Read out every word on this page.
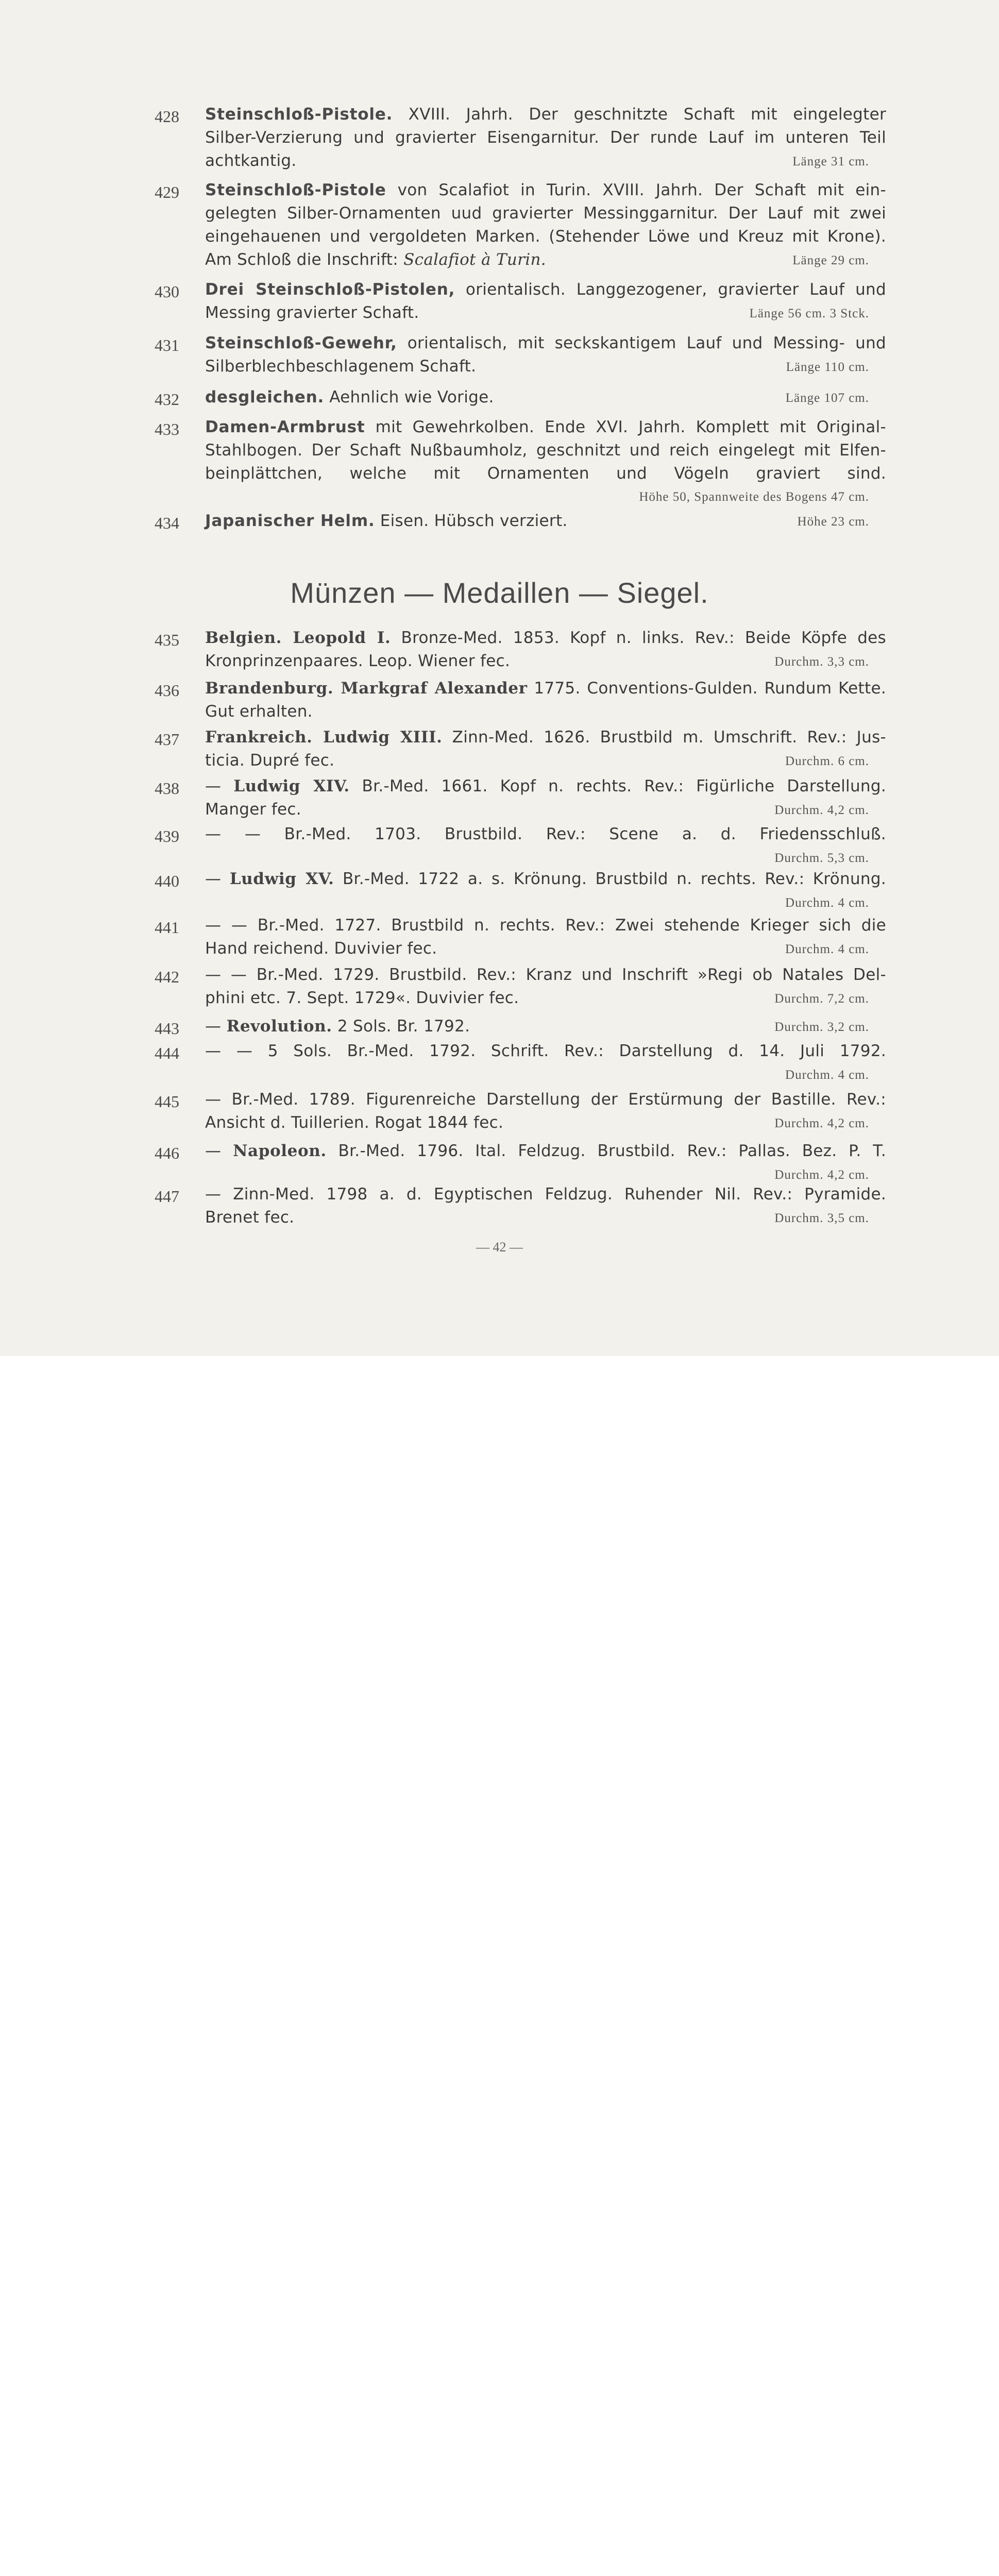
428	Steinschloß-Pistole. XVIII. Jahrh. Der geschnitzte Schaft mit eingelegter
Silber-Verzierung und gravierter Eisengarnitur. Der runde Lauf im unteren Teil
achtkantig.	Länge 31 cm.
429	Steinschloß-Pistole von Scalafiot in Turin. XVIII. Jahrh. Der Schaft mit ein-
gelegten Silber-Ornamenten uud gravierter Messinggarnitur. Der Lauf mit zwei
eingehauenen und vergoldeten Marken. (Stehender Löwe und Kreuz mit Krone).
Am Schloß die Inschrift: Scalafiot à Turin.	Länge 29 cm.
430	Drei Steinschloß-Pistolen, orientalisch. Langgezogener, gravierter Lauf und
Messing gravierter Schaft.	Länge 56 cm. 3 Stck.
431	Steinschloß-Gewehr, orientalisch, mit seckskantigem Lauf und Messing- und
Silberblechbeschlagenem Schaft.	Länge 110 cm.
432	desgleichen. Aehnlich wie Vorige.	Länge 107 cm.
433	Damen-Armbrust mit Gewehrkolben. Ende XVI. Jahrh. Komplett mit Original-
Stahlbogen. Der Schaft Nußbaumholz, geschnitzt und reich eingelegt mit Elfen-
beinplättchen, welche mit Ornamenten und Vögeln graviert sind.
Höhe 50, Spannweite des Bogens 47 cm.
434	Japanischer Helm. Eisen. Hübsch verziert.	Höhe 23 cm.
435	Belgien. Leopold I. Bronze-Med. 1853. Kopf n. links. Rev.: Beide Köpfe des
Kronprinzenpaares. Leop. Wiener fec.	Durchm. 3,3 cm.
436	Brandenburg. Markgraf Alexander 1775. Conventions-Gulden. Rundum Kette.
Gut erhalten.
437	Frankreich. Ludwig XIII. Zinn-Med. 1626. Brustbild m. Umschrift. Rev.: Jus-
ticia. Dupré fec.	Durchm. 6 cm.
438	— Ludwig XIV. Br.-Med. 1661. Kopf n. rechts. Rev.: Figürliche Darstellung.
Manger fec.	Durchm. 4,2 cm.
439	— — Br.-Med. 1703. Brustbild. Rev.: Scene a. d. Friedensschluß.
Durchm. 5,3 cm.
440	— Ludwig XV. Br.-Med. 1722 a. s. Krönung. Brustbild n. rechts. Rev.: Krönung.
Durchm. 4 cm.
441	— — Br.-Med. 1727. Brustbild n. rechts. Rev.: Zwei stehende Krieger sich die
Hand reichend. Duvivier fec.	Durchm. 4 cm.
442	— — Br.-Med. 1729. Brustbild. Rev.: Kranz und Inschrift »Regi ob Natales Del-
phini etc. 7. Sept. 1729«. Duvivier fec.	Durchm. 7,2 cm.
443	— Revolution. 2 Sols. Br. 1792.	Durchm. 3,2 cm.
444	— — 5 Sols. Br.-Med. 1792. Schrift. Rev.: Darstellung d. 14. Juli 1792.
Durchm. 4 cm.
445	— Br.-Med. 1789. Figurenreiche Darstellung der Erstürmung der Bastille. Rev.:
Ansicht d. Tuillerien. Rogat 1844 fec.	Durchm. 4,2 cm.
446	— Napoleon. Br.-Med. 1796. Ital. Feldzug. Brustbild. Rev.: Pallas. Bez. P. T.
Durchm. 4,2 cm.
447	— Zinn-Med. 1798 a. d. Egyptischen Feldzug. Ruhender Nil. Rev.: Pyramide.
Brenet fec.	Durchm. 3,5 cm.
Münzen — Medaillen — Siegel.
— 42 —
